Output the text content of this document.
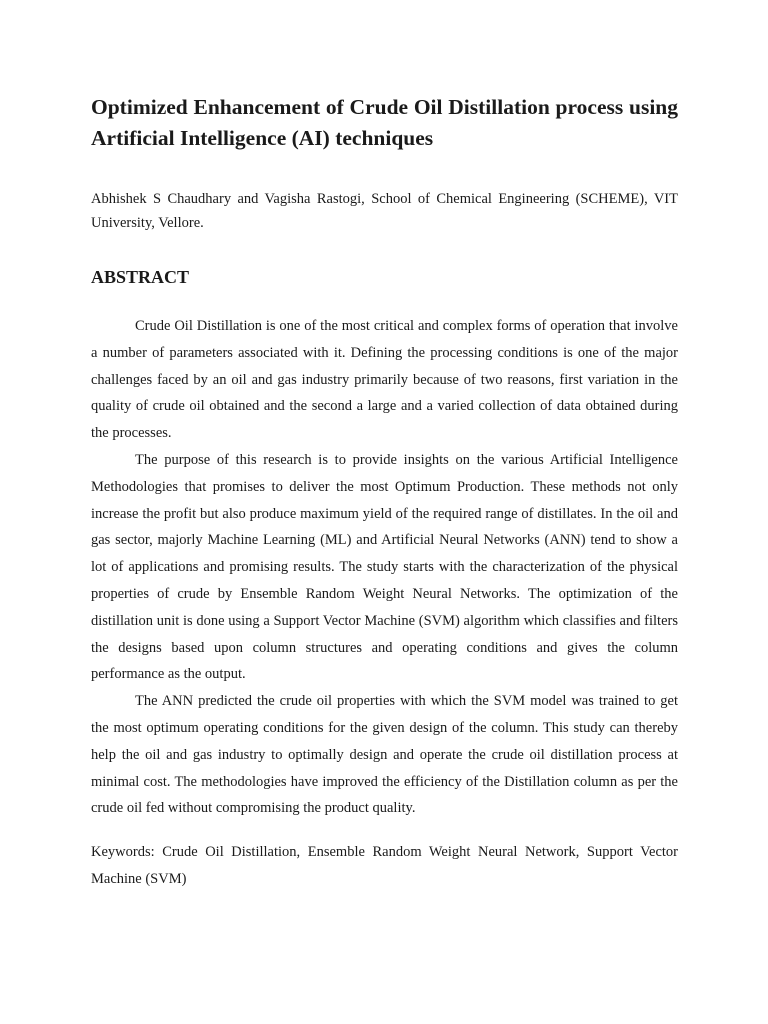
Optimized Enhancement of Crude Oil Distillation process using Artificial Intelligence (AI) techniques

Abhishek S Chaudhary and Vagisha Rastogi, School of Chemical Engineering (SCHEME), VIT University, Vellore.

ABSTRACT

Crude Oil Distillation is one of the most critical and complex forms of operation that involve a number of parameters associated with it. Defining the processing conditions is one of the major challenges faced by an oil and gas industry primarily because of two reasons, first variation in the quality of crude oil obtained and the second a large and a varied collection of data obtained during the processes.

The purpose of this research is to provide insights on the various Artificial Intelligence Methodologies that promises to deliver the most Optimum Production. These methods not only increase the profit but also produce maximum yield of the required range of distillates. In the oil and gas sector, majorly Machine Learning (ML) and Artificial Neural Networks (ANN) tend to show a lot of applications and promising results. The study starts with the characterization of the physical properties of crude by Ensemble Random Weight Neural Networks. The optimization of the distillation unit is done using a Support Vector Machine (SVM) algorithm which classifies and filters the designs based upon column structures and operating conditions and gives the column performance as the output.

The ANN predicted the crude oil properties with which the SVM model was trained to get the most optimum operating conditions for the given design of the column. This study can thereby help the oil and gas industry to optimally design and operate the crude oil distillation process at minimal cost. The methodologies have improved the efficiency of the Distillation column as per the crude oil fed without compromising the product quality.

Keywords: Crude Oil Distillation, Ensemble Random Weight Neural Network, Support Vector Machine (SVM)
